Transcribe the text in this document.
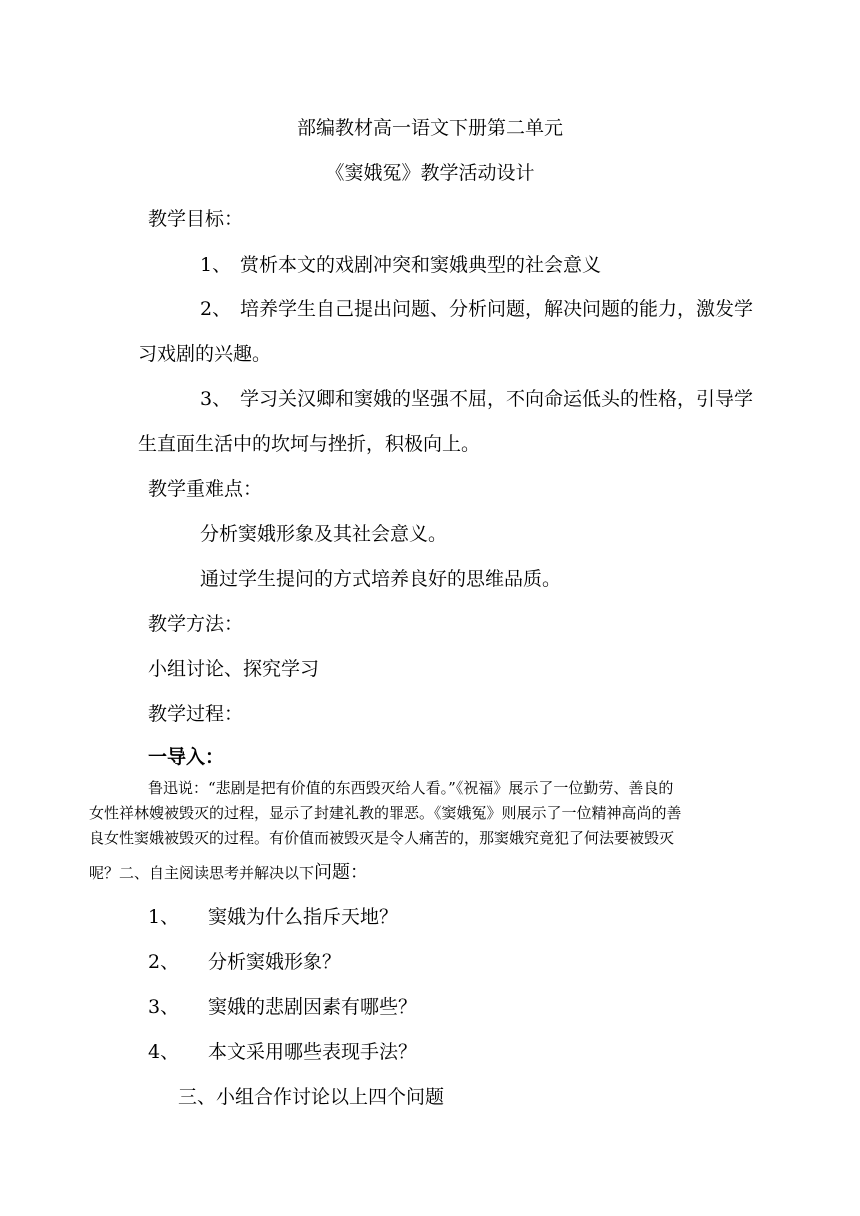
部编教材高一语文下册第二单元
《窦娥冤》教学活动设计
教学目标：
1、 赏析本文的戏剧冲突和窦娥典型的社会意义
2、 培养学生自己提出问题、分析问题，解决问题的能力，激发学
习戏剧的兴趣。
3、 学习关汉卿和窦娥的坚强不屈，不向命运低头的性格，引导学
生直面生活中的坎坷与挫折，积极向上。
教学重难点：
分析窦娥形象及其社会意义。
通过学生提问的方式培养良好的思维品质。
教学方法：
小组讨论、探究学习
教学过程：
一导入：
鲁迅说：“悲剧是把有价值的东西毁灭给人看。”《祝福》展示了一位勤劳、善良的
女性祥林嫂被毁灭的过程，显示了封建礼教的罪恶。《窦娥冤》则展示了一位精神高尚的善
良女性窦娥被毁灭的过程。有价值而被毁灭是令人痛苦的，那窦娥究竟犯了何法要被毁灭
呢？二、自主阅读思考并解决以下问题：
1、 窦娥为什么指斥天地？
2、 分析窦娥形象？
3、 窦娥的悲剧因素有哪些？
4、 本文采用哪些表现手法？
三、小组合作讨论以上四个问题
